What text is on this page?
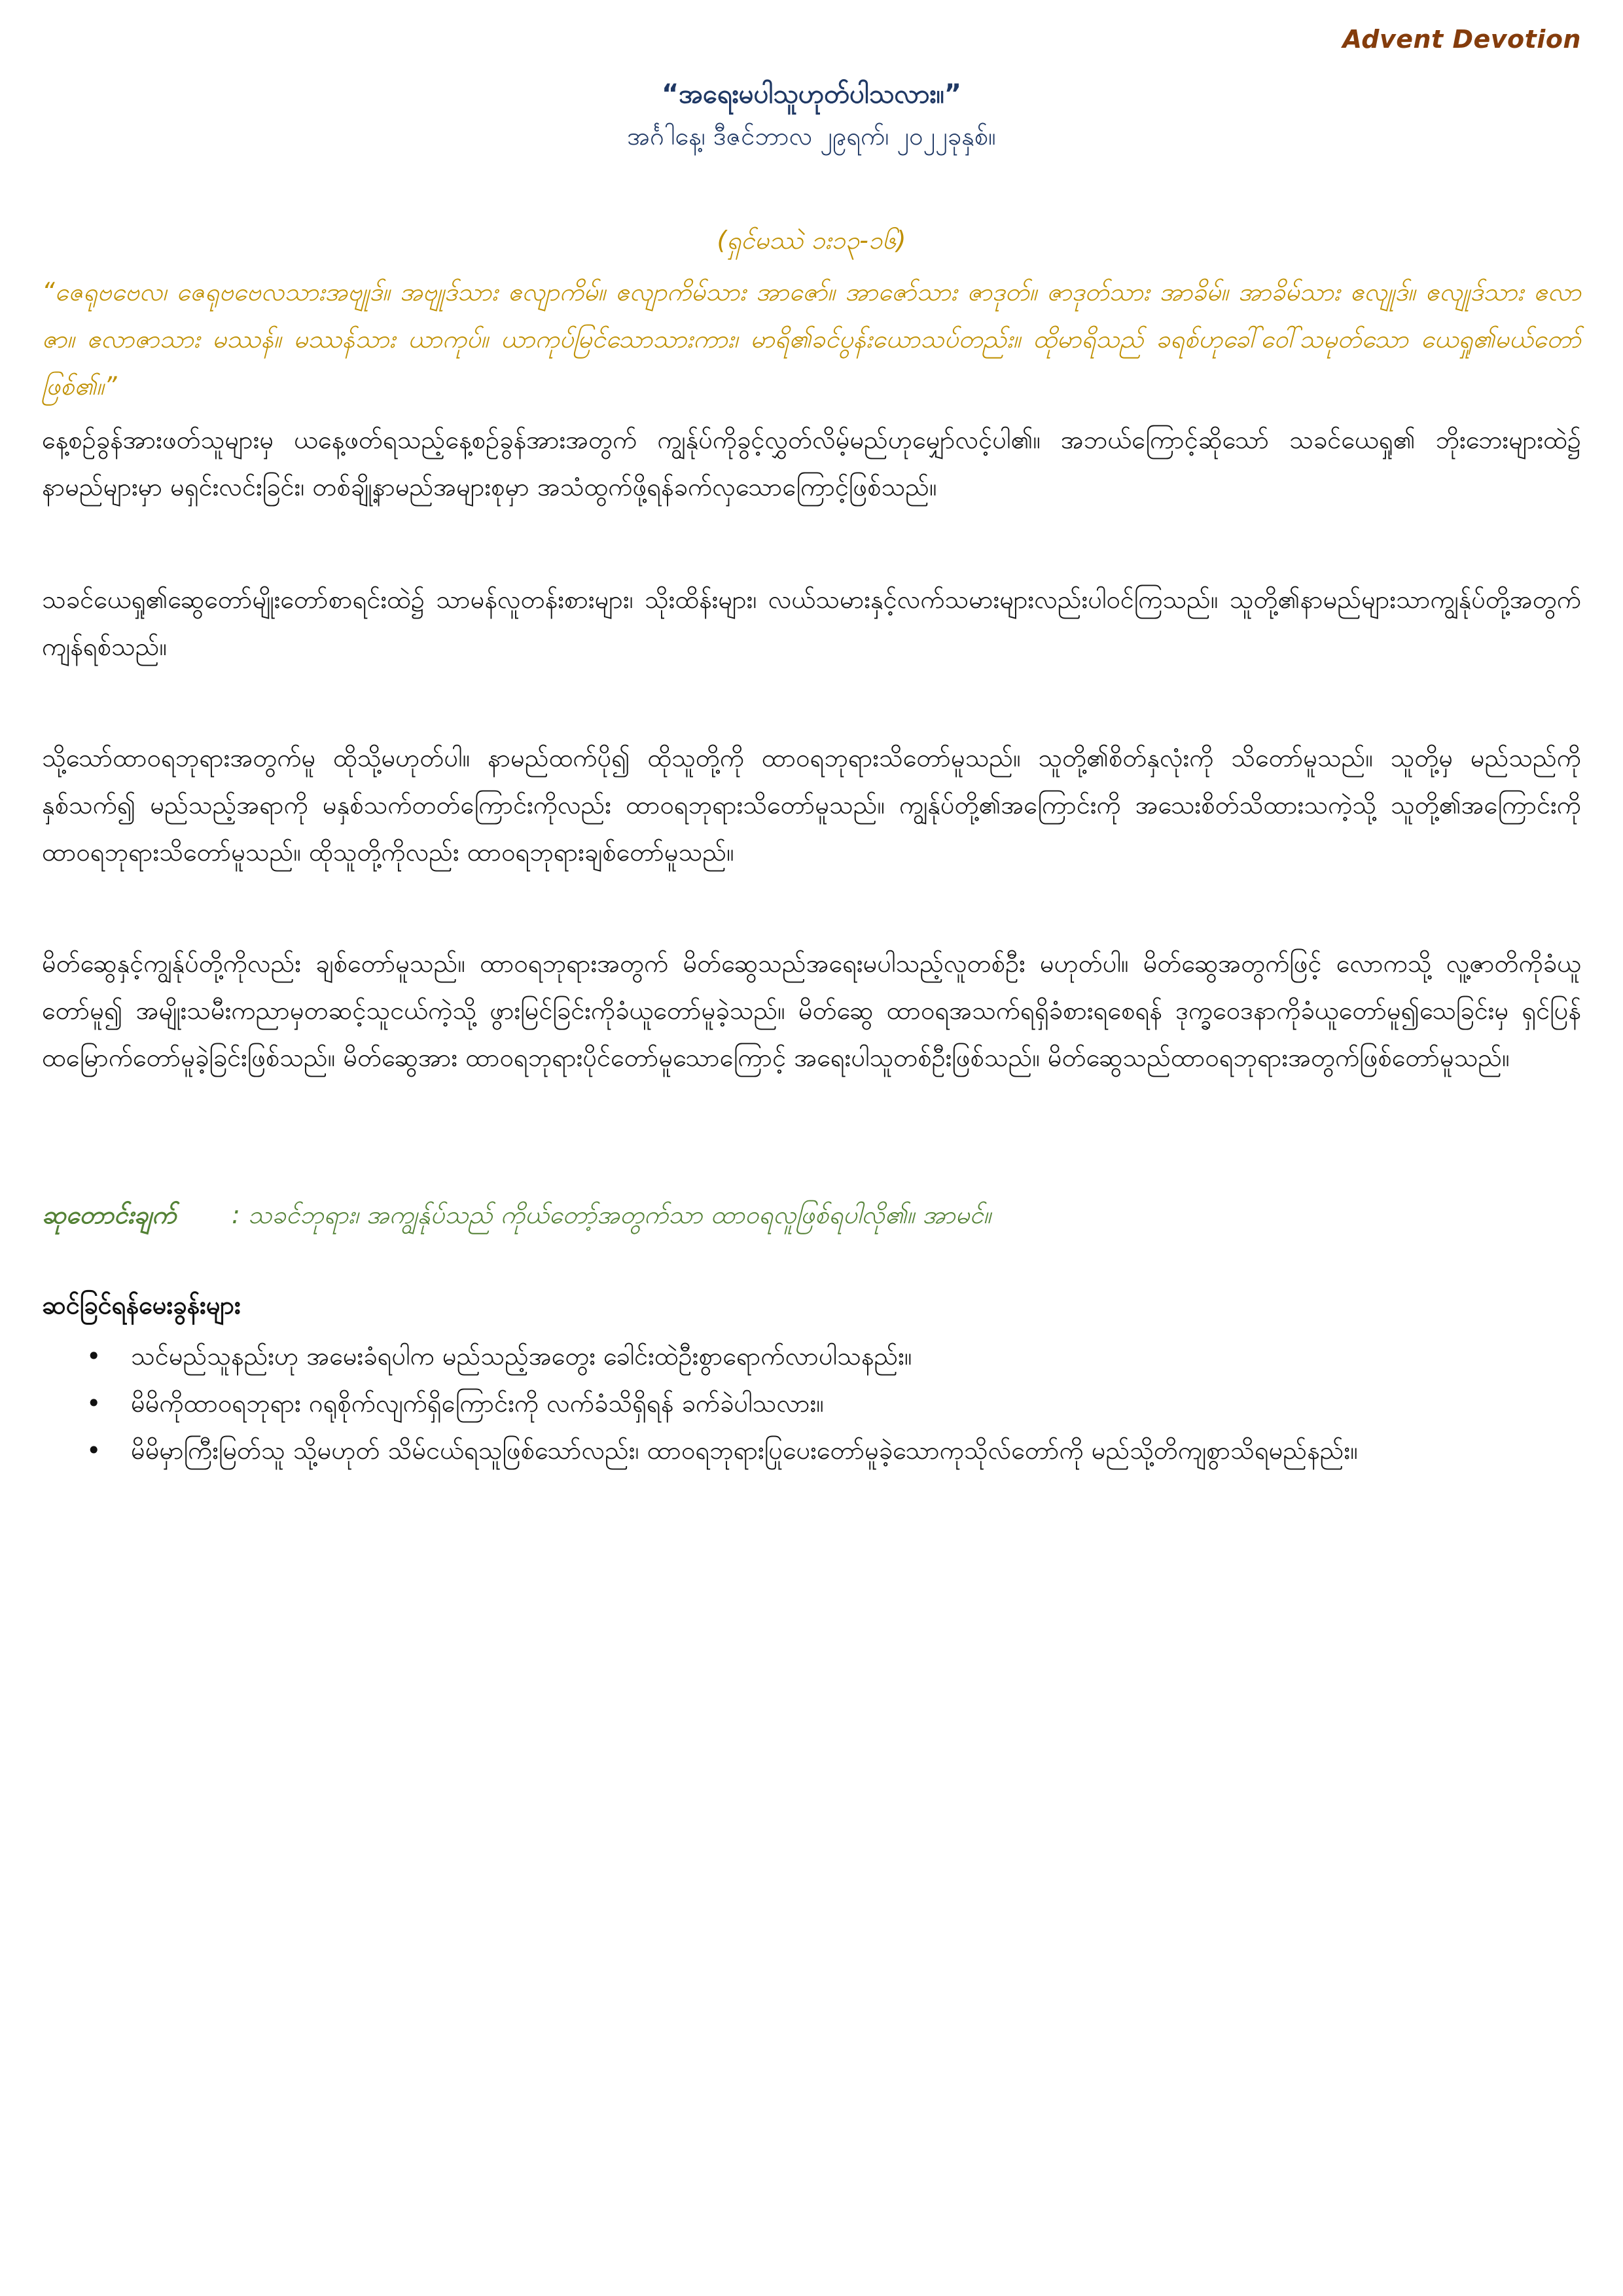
Advent Devotion
“အရေးမပါသူဟုတ်ပါသလား။”
အင်္ဂါနေ့၊ ဒီဇင်ဘာလ ၂၉ရက်၊ ၂၀၂၂ခုနှစ်။
(ရှင်မဿဲ ၁း၁၃-၁၆)
“ဇေရုဗဗေလ၊ ဇေရုဗဗေလသားအဗျုဒ်။ အဗျုဒ်သား ဧလျာကိမ်။ ဧလျာကိမ်သား အာဇော်။ အာဇော်သား ဇာဒုတ်။ ဇာဒုတ်သား အာခိမ်။ အာခိမ်သား ဧလျုဒ်။ ဧလျုဒ်သား ဧလာဇာ။ ဧလာဇာသား မဿန်။ မဿန်သား ယာကုပ်။ ယာကုပ်မြင်သောသားကား၊ မာရိ၏ခင်ပွန်းယောသပ်တည်း။ ထိုမာရိသည် ခရစ်ဟုခေါ်ဝေါ်သမုတ်သော ယေရှု၏မယ်တော်ဖြစ်၏။”

နေ့စဉ်ခွန်အားဖတ်သူများမှ ယနေ့ဖတ်ရသည့်နေ့စဉ်ခွန်အားအတွက် ကျွန်ုပ်ကိုခွင့်လွှတ်လိမ့်မည်ဟုမျှော်လင့်ပါ၏။ အဘယ်ကြောင့်ဆိုသော် သခင်ယေရှု၏ ဘိုးဘေးများထဲ၌ နာမည်များမှာ မရှင်းလင်းခြင်း၊ တစ်ချို့နာမည်အများစုမှာ အသံထွက်ဖို့ရန်ခက်လှသောကြောင့်ဖြစ်သည်။

သခင်ယေရှု၏ဆွေတော်မျိုးတော်စာရင်းထဲ၌ သာမန်လူတန်းစားများ၊ သိုးထိန်းများ၊ လယ်သမားနှင့်လက်သမားများလည်းပါဝင်ကြသည်။ သူတို့၏နာမည်များသာကျွန်ုပ်တို့အတွက်ကျန်ရစ်သည်။

သို့သော်ထာဝရဘုရားအတွက်မူ ထိုသို့မဟုတ်ပါ။ နာမည်ထက်ပို၍ ထိုသူတို့ကို ထာဝရဘုရားသိတော်မူသည်။ သူတို့၏စိတ်နှလုံးကို သိတော်မူသည်။ သူတို့မှ မည်သည်ကိုနှစ်သက်၍ မည်သည့်အရာကို မနှစ်သက်တတ်ကြောင်းကိုလည်း ထာဝရဘုရားသိတော်မူသည်။ ကျွန်ုပ်တို့၏အကြောင်းကို အသေးစိတ်သိထားသကဲ့သို့ သူတို့၏အကြောင်းကို ထာဝရဘုရားသိတော်မူသည်။ ထိုသူတို့ကိုလည်း ထာဝရဘုရားချစ်တော်မူသည်။

မိတ်ဆွေနှင့်ကျွန်ုပ်တို့ကိုလည်း ချစ်တော်မူသည်။ ထာဝရဘုရားအတွက် မိတ်ဆွေသည်အရေးမပါသည့်လူတစ်ဦး မဟုတ်ပါ။ မိတ်ဆွေအတွက်ဖြင့် လောကသို့ လူ့ဇာတိကိုခံယူတော်မူ၍ အမျိုးသမီးကညာမှတဆင့်သူငယ်ကဲ့သို့ ဖွားမြင်ခြင်းကိုခံယူတော်မူခဲ့သည်။ မိတ်ဆွေ ထာဝရအသက်ရရှိခံစားရစေရန် ဒုက္ခဝေဒနာကိုခံယူတော်မူ၍သေခြင်းမှ ရှင်ပြန်ထမြောက်တော်မူခဲ့ခြင်းဖြစ်သည်။ မိတ်ဆွေအား ထာဝရဘုရားပိုင်တော်မူသောကြောင့် အရေးပါသူတစ်ဦးဖြစ်သည်။ မိတ်ဆွေသည်ထာဝရဘုရားအတွက်ဖြစ်တော်မူသည်။

ဆုတောင်းချက် : သခင်ဘုရား၊ အကျွန်ုပ်သည် ကိုယ်တော့်အတွက်သာ ထာဝရလူဖြစ်ရပါလို၏။ အာမင်။
ဆင်ခြင်ရန်မေးခွန်းများ
• သင်မည်သူနည်းဟု အမေးခံရပါက မည်သည့်အတွေး ခေါင်းထဲဦးစွာရောက်လာပါသနည်း။
• မိမိကိုထာဝရဘုရား ဂရုစိုက်လျက်ရှိကြောင်းကို လက်ခံသိရှိရန် ခက်ခဲပါသလား။
• မိမိမှာကြီးမြတ်သူ သို့မဟုတ် သိမ်ငယ်ရသူဖြစ်သော်လည်း၊ ထာဝရဘုရားပြုပေးတော်မူခဲ့သောကုသိုလ်တော်ကို မည်သို့တိကျစွာသိရမည်နည်း။
